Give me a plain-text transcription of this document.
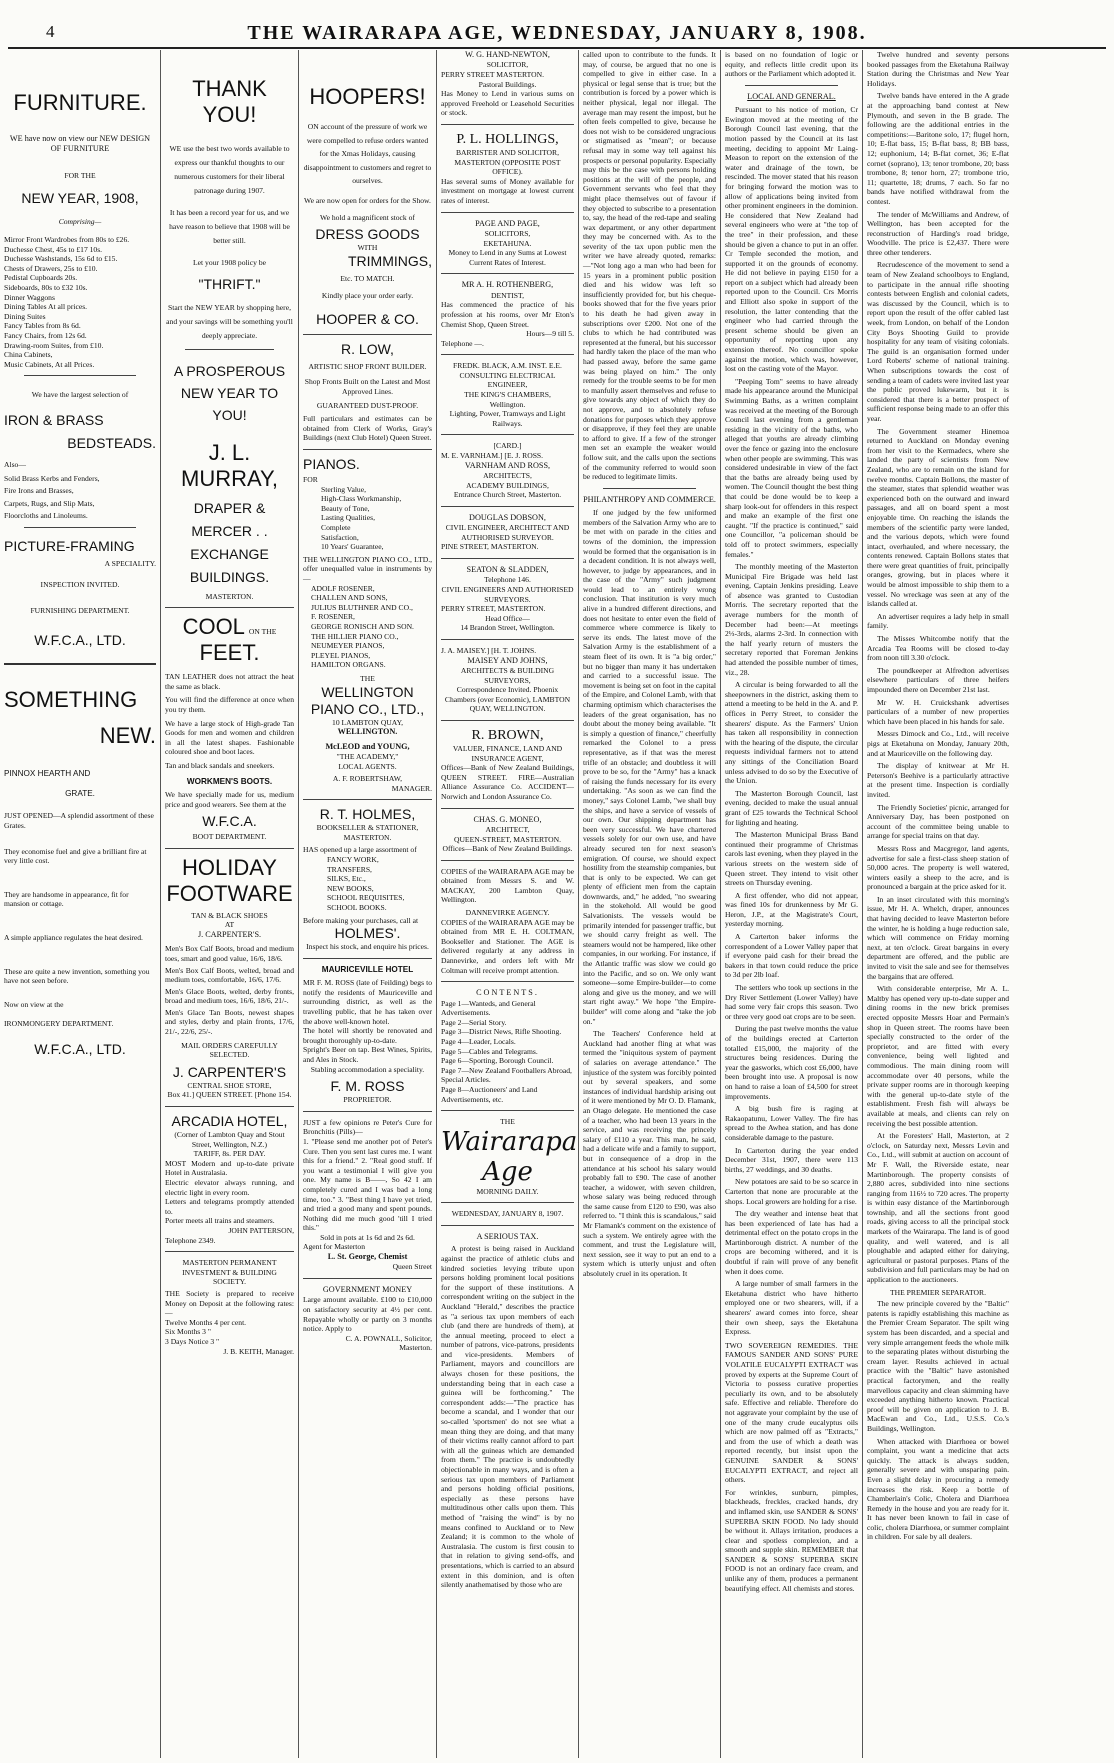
4	THE WAIRARAPA AGE, WEDNESDAY, JANUARY 8, 1908.
FURNITURE.
WE have now on view our NEW DESIGN OF FURNITURE
FOR THE
NEW YEAR, 1908,
Comprising—
Mirror Front Wardrobes from 80s to £26.
Duchesse Chest, 45s to £17 10s.
Duchesse Washstands, 15s 6d to £15.
Chests of Drawers, 25s to £10.
Pedistal Cupboards 20s.
Sideboards, 80s to £32 10s.
Dinner Waggons
Dining Tables At all prices.
Dining Suites
Fancy Tables from 8s 6d.
Fancy Chairs, from 12s 6d.
Drawing-room Suites, from £10.
China Cabinets,
Music Cabinets, At all Prices.
We have the largest selection of
IRON & BRASS
BEDSTEADS.
Also—
Solid Brass Kerbs and Fenders,
Fire Irons and Brasses,
Carpets, Rugs, and Slip Mats,
Floorcloths and Linoleums.
PICTURE-FRAMING
A SPECIALITY.
INSPECTION INVITED.
FURNISHING DEPARTMENT.
W.F.C.A., LTD.
SOMETHING
NEW.
PINNOX HEARTH AND
GRATE.
JUST OPENED—A splendid assortment of these Grates.
They economise fuel and give a brilliant fire at very little cost.
They are handsome in appearance, fit for mansion or cottage.
A simple appliance regulates the heat desired.
These are quite a new invention, something you have not seen before.
Now on view at the
IRONMONGERY DEPARTMENT.
W.F.C.A., LTD.
THANK YOU!
WE use the best two words available to express our thankful thoughts to our numerous customers for their liberal patronage during 1907.
It has been a record year for us, and we have reason to believe that 1908 will be better still.
Let your 1908 policy be
"THRIFT."
Start the NEW YEAR by shopping here, and your savings will be something you'll deeply appreciate.
A PROSPEROUS NEW YEAR TO YOU!
J. L. MURRAY,
DRAPER &
MERCER . .
EXCHANGE
BUILDINGS.
MASTERTON.
COOL ON THE FEET.
TAN LEATHER does not attract the heat the same as black.
You will find the difference at once when you try them.
We have a large stock of High-grade Tan Goods for men and women and children in all the latest shapes. Fashionable coloured shoe and boot laces.
Tan and black sandals and sneekers.
WORKMEN'S BOOTS.
We have specially made for us, medium price and good wearers. See them at the
W.F.C.A.
BOOT DEPARTMENT.
HOLIDAY
FOOTWARE
TAN & BLACK SHOES
AT
J. CARPENTER'S.
Men's Box Calf Boots, broad and medium toes, smart and good value, 16/6, 18/6.
Men's Box Calf Boots, welted, broad and medium toes, comfortable, 16/6, 17/6.
Men's Glace Boots, welted, derby fronts, broad and medium toes, 16/6, 18/6, 21/-.
Men's Glace Tan Boots, newest shapes and styles, derby and plain fronts, 17/6, 21/-, 22/6, 25/-.
MAIL ORDERS CAREFULLY SELECTED.
J. CARPENTER'S
CENTRAL SHOE STORE,
Box 41.] QUEEN STREET. [Phone 154.
ARCADIA HOTEL,
(Corner of Lambton Quay and Stout Street, Wellington, N.Z.)
TARIFF, 8s. PER DAY.
MOST Modern and up-to-date private Hotel in Australasia.
Electric elevator always running, and electric light in every room.
Letters and telegrams promptly attended to.
Porter meets all trains and steamers.
JOHN PATTERSON,
Telephone 2349.
MASTERTON PERMANENT INVESTMENT & BUILDING SOCIETY.
THE Society is prepared to receive Money on Deposit at the following rates:—
Twelve Months 4 per cent.
Six Months 3 "
3 Days Notice 3 "
J. B. KEITH, Manager.
HOOPERS!
ON account of the pressure of work we were compelled to refuse orders wanted for the Xmas Holidays, causing disappointment to customers and regret to ourselves.
We are now open for orders for the Show.
We hold a magnificent stock of
DRESS GOODS
WITH
TRIMMINGS,
Etc. TO MATCH.
Kindly place your order early.
HOOPER & CO.
R. LOW,
ARTISTIC SHOP FRONT BUILDER.
Shop Fronts Built on the Latest and Most Approved Lines.
GUARANTEED DUST-PROOF.
Full particulars and estimates can be obtained from Clerk of Works, Gray's Buildings (next Club Hotel) Queen Street.
PIANOS.
FOR
Sterling Value,
High-Class Workmanship,
Beauty of Tone,
Lasting Qualities,
Complete
Satisfaction,
10 Years' Guarantee,
THE WELLINGTON PIANO CO., LTD., offer unequalled value in instruments by—
ADOLF ROSENER,
CHALLEN AND SONS,
JULIUS BLUTHNER AND CO.,
F. ROSENER,
GEORGE RONISCH AND SON.
THE HILLIER PIANO CO.,
NEUMEYER PIANOS,
PLEYEL PIANOS,
HAMILTON ORGANS.
THE
WELLINGTON PIANO CO., LTD.,
10 LAMBTON QUAY,
WELLINGTON.
McLEOD and YOUNG,
"THE ACADEMY,"
LOCAL AGENTS.
A. F. ROBERTSHAW,
MANAGER.
R. T. HOLMES,
BOOKSELLER & STATIONER,
MASTERTON.
HAS opened up a large assortment of
FANCY WORK,
TRANSFERS,
SILKS, Etc.,
NEW BOOKS,
SCHOOL REQUISITES,
SCHOOL BOOKS.
Before making your purchases, call at
HOLMES'.
Inspect his stock, and enquire his prices.
MAURICEVILLE HOTEL
MR F. M. ROSS (late of Feilding) begs to notify the residents of Mauriceville and surrounding district, as well as the travelling public, that he has taken over the above well-known hotel.
The hotel will shortly be renovated and brought thoroughly up-to-date.
Spright's Beer on tap. Best Wines, Spirits, and Ales in Stock.
Stabling accommodation a speciality.
F. M. ROSS
PROPRIETOR.
JUST a few opinions re Peter's Cure for Bronchitis (Pills)—
1. "Please send me another pot of Peter's Cure. Then you sent last cures me. I want this for a friend." 2. "Real good stuff. If you want a testimonial I will give you one. My name is B——, So 42 I am completely cured and I was bad a long time, too." 3. "Best thing I have yet tried, and tried a good many and spent pounds. Nothing did me much good 'till I tried this."
Sold in pots at 1s 6d and 2s 6d.
Agent for Masterton
L. St. George, Chemist
Queen Street
GOVERNMENT MONEY
Large amount available. £100 to £10,000 on satisfactory security at 4½ per cent. Repayable wholly or partly on 3 months notice. Apply to
C. A. POWNALL, Solicitor,
Masterton.
W. G. HAND-NEWTON,
SOLICITOR,
PERRY STREET MASTERTON.
Pastoral Buildings.
Has Money to Lend in various sums on approved Freehold or Leasehold Securities or stock.
P. L. HOLLINGS,
BARRISTER AND SOLICITOR,
MASTERTON (OPPOSITE POST OFFICE).
Has several sums of Money available for investment on mortgage at lowest current rates of interest.
PAGE AND PAGE,
SOLICITORS,
EKETAHUNA.
Money to Lend in any Sums at Lowest Current Rates of Interest.
MR A. H. ROTHENBERG,
DENTIST,
Has commenced the practice of his profession at his rooms, over Mr Eton's Chemist Shop, Queen Street.
Hours—9 till 5.
Telephone —.
FREDK. BLACK, A.M. INST. E.E.
CONSULTING ELECTRICAL ENGINEER,
THE KING'S CHAMBERS,
Wellington.
Lighting, Power, Tramways and Light Railways.
[CARD.]
M. E. VARNHAM.] [E. J. ROSS.
VARNHAM AND ROSS,
ARCHITECTS,
ACADEMY BUILDINGS,
Entrance Church Street, Masterton.
DOUGLAS DOBSON,
CIVIL ENGINEER, ARCHITECT AND AUTHORISED SURVEYOR.
PINE STREET, MASTERTON.
SEATON & SLADDEN,
Telephone 146.
CIVIL ENGINEERS AND AUTHORISED SURVEYORS.
PERRY STREET, MASTERTON.
Head Office—
14 Brandon Street, Wellington.
J. A. MAISEY.] [H. T. JOHNS.
MAISEY AND JOHNS,
ARCHITECTS & BUILDING SURVEYORS,
Correspondence Invited. Phoenix Chambers (over Economic), LAMBTON QUAY, WELLINGTON.
R. BROWN,
VALUER, FINANCE, LAND AND INSURANCE AGENT,
Offices—Bank of New Zealand Buildings, QUEEN STREET. FIRE—Australian Alliance Assurance Co. ACCIDENT—Norwich and London Assurance Co.
CHAS. G. MONEO,
ARCHITECT,
QUEEN-STREET, MASTERTON.
Offices—Bank of New Zealand Buildings.
COPIES of the WAIRARAPA AGE may be obtained from Messrs S. and W. MACKAY, 200 Lambton Quay, Wellington.
DANNEVIRKE AGENCY.
COPIES of the WAIRARAPA AGE may be obtained from MR E. H. COLTMAN, Bookseller and Stationer. The AGE is delivered regularly at any address in Dannevirke, and orders left with Mr Coltman will receive prompt attention.
CONTENTS.
Page 1—Wanteds, and General Advertisements.
Page 2—Serial Story.
Page 3—District News, Rifle Shooting.
Page 4—Leader, Locals.
Page 5—Cables and Telegrams.
Page 6—Sporting, Borough Council.
Page 7—New Zealand Footballers Abroad, Special Articles.
Page 8—Auctioneers' and Land Advertisements, etc.
THE
Wairarapa Age
MORNING DAILY.
WEDNESDAY, JANUARY 8, 1907.
A SERIOUS TAX.
A protest is being raised in Auckland against the practice of athletic clubs and kindred societies levying tribute upon persons holding prominent local positions for the support of these institutions. A correspondent writing on the subject in the Auckland "Herald," describes the practice as "a serious tax upon members of each club (and there are hundreds of them), at the annual meeting, proceed to elect a number of patrons, vice-patrons, presidents and vice-presidents. Members of Parliament, mayors and councillors are always chosen for these positions, the understanding being that in each case a guinea will be forthcoming." The correspondent adds:—"The practice has become a scandal, and I wonder that our so-called 'sportsmen' do not see what a mean thing they are doing, and that many of their victims really cannot afford to part with all the guineas which are demanded from them." The practice is undoubtedly objectionable in many ways, and is often a serious tax upon members of Parliament and persons holding official positions, especially as these persons have multitudinous other calls upon them. This method of "raising the wind" is by no means confined to Auckland or to New Zealand; it is common to the whole of Australasia. The custom is first cousin to that in relation to giving send-offs, and presentations, which is carried to an absurd extent in this dominion, and is often silently anathematised by those who are
called upon to contribute to the funds. It may, of course, be argued that no one is compelled to give in either case. In a physical or legal sense that is true; but the contribution is forced by a power which is neither physical, legal nor illegal. The average man may resent the impost, but he often feels compelled to give, because he does not wish to be considered ungracious or stigmatised as "mean"; or because refusal may in some way tell against his prospects or personal popularity. Especially may this be the case with persons holding positions at the will of the people, and Government servants who feel that they might place themselves out of favour if they objected to subscribe to a presentation to, say, the head of the red-tape and sealing wax department, or any other department they may be concerned with. As to the severity of the tax upon public men the writer we have already quoted, remarks:—"Not long ago a man who had been for 15 years in a prominent public position died and his widow was left so insufficiently provided for, but his cheque-books showed that for the five years prior to his death he had given away in subscriptions over £200. Not one of the clubs to which he had contributed was represented at the funeral, but his successor had hardly taken the place of the man who had passed away, before the same game was being played on him." The only remedy for the trouble seems to be for men to manfully assert themselves and refuse to give towards any object of which they do not approve, and to absolutely refuse donations for purposes which they approve or disapprove, if they feel they are unable to afford to give. If a few of the stronger men set an example the weaker would follow suit, and the calls upon the sections of the community referred to would soon be reduced to legitimate limits.
PHILANTHROPY AND COMMERCE.
If one judged by the few uniformed members of the Salvation Army who are to be met with on parade in the cities and towns of the dominion, the impression would be formed that the organisation is in a decadent condition. It is not always well, however, to judge by appearances, and in the case of the "Army" such judgment would lead to an entirely wrong conclusion. That institution is very much alive in a hundred different directions, and does not hesitate to enter even the field of commerce where commerce is likely to serve its ends. The latest move of the Salvation Army is the establishment of a steam fleet of its own. It is "a big order," but no bigger than many it has undertaken and carried to a successful issue. The movement is being set on foot in the capital of the Empire, and Colonel Lamb, with that charming optimism which characterises the leaders of the great organisation, has no doubt about the money being available. "It is simply a question of finance," cheerfully remarked the Colonel to a press representative, as if that was the merest trifle of an obstacle; and doubtless it will prove to be so, for the "Army" has a knack of raising the funds necessary for its every undertaking. "As soon as we can find the money," says Colonel Lamb, "we shall buy the ships, and have a service of vessels of our own. Our shipping department has been very successful. We have chartered vessels solely for our own use, and have already secured ten for next season's emigration. Of course, we should expect hostility from the steamship companies, but that is only to be expected. We can get plenty of efficient men from the captain downwards, and," he added, "no swearing in the stokehold. All would be good Salvationists. The vessels would be primarily intended for passenger traffic, but we should carry freight as well. The steamers would not be hampered, like other companies, in our working. For instance, if the Atlantic traffic was slow we could go into the Pacific, and so on. We only want someone—some Empire-builder—to come along and give us the money, and we will start right away." We hope "the Empire-builder" will come along and "take the job on."
The Teachers' Conference held at Auckland had another fling at what was termed the "iniquitous system of payment of salaries on average attendance." The injustice of the system was forcibly pointed out by several speakers, and some instances of individual hardship arising out of it were mentioned by Mr O. D. Flamank, an Otago delegate. He mentioned the case of a teacher, who had been 13 years in the service, and was receiving the princely salary of £110 a year. This man, he said, had a delicate wife and a family to support, but in consequence of a drop in the attendance at his school his salary would probably fall to £90. The case of another teacher, a widower, with seven children, whose salary was being reduced through the same cause from £120 to £90, was also referred to. "I think this is scandalous," said Mr Flamank's comment on the existence of such a system. We entirely agree with the comment, and trust the Legislature will, next session, see it way to put an end to a system which is utterly unjust and often absolutely cruel in its operation. It
is based on no foundation of logic or equity, and reflects little credit upon its authors or the Parliament which adopted it.
LOCAL AND GENERAL.
Pursuant to his notice of motion, Cr Ewington moved at the meeting of the Borough Council last evening, that the motion passed by the Council at its last meeting, deciding to appoint Mr Laing-Meason to report on the extension of the water and drainage of the town, be rescinded. The mover stated that his reason for bringing forward the motion was to allow of applications being invited from other prominent engineers in the dominion. He considered that New Zealand had several engineers who were at "the top of the tree" in their profession, and these should be given a chance to put in an offer. Cr Temple seconded the motion, and supported it on the grounds of economy. He did not believe in paying £150 for a report on a subject which had already been reported upon to the Council. Crs Morris and Elliott also spoke in support of the resolution, the latter contending that the engineer who had carried through the present scheme should be given an opportunity of reporting upon any extension thereof. No councillor spoke against the motion, which was, however, lost on the casting vote of the Mayor.
"Peeping Tom" seems to have already made his appearance around the Municipal Swimming Baths, as a written complaint was received at the meeting of the Borough Council last evening from a gentleman residing in the vicinity of the baths, who alleged that youths are already climbing over the fence or gazing into the enclosure when other people are swimming. This was considered undesirable in view of the fact that the baths are already being used by women. The Council thought the best thing that could be done would be to keep a sharp look-out for offenders in this respect and make an example of the first one caught. "If the practice is continued," said one Councillor, "a policeman should be told off to protect swimmers, especially females."
The monthly meeting of the Masterton Municipal Fire Brigade was held last evening, Captain Jenkins presiding. Leave of absence was granted to Custodian Morris. The secretary reported that the average numbers for the month of December had been:—At meetings 2⅓-3rds, alarms 2-3rd. In connection with the half yearly return of musters the secretary reported that Foreman Jenkins had attended the possible number of times, viz., 28.
A circular is being forwarded to all the sheepowners in the district, asking them to attend a meeting to be held in the A. and P. offices in Perry Street, to consider the shearers' dispute. As the Farmers' Union has taken all responsibility in connection with the hearing of the dispute, the circular requests individual farmers not to attend any sittings of the Conciliation Board unless advised to do so by the Executive of the Union.
The Masterton Borough Council, last evening, decided to make the usual annual grant of £25 towards the Technical School for lighting and heating.
The Masterton Municipal Brass Band continued their programme of Christmas carols last evening, when they played in the various streets on the western side of Queen street. They intend to visit other streets on Thursday evening.
A first offender, who did not appear, was fined 10s for drunkenness by Mr G. Heron, J.P., at the Magistrate's Court, yesterday morning.
A Carterton baker informs the correspondent of a Lower Valley paper that if everyone paid cash for their bread the bakers in that town could reduce the price to 3d per 2lb loaf.
The settlers who took up sections in the Dry River Settlement (Lower Valley) have had some very fair crops this season. Two or three very good oat crops are to be seen.
During the past twelve months the value of the buildings erected at Carterton totalled £15,000, the majority of the structures being residences. During the year the gasworks, which cost £6,000, have been brought into use. A proposal is now on hand to raise a loan of £4,500 for street improvements.
A big bush fire is raging at Rakaopatunu, Lower Valley. The fire has spread to the Awhea station, and has done considerable damage to the pasture.
In Carterton during the year ended December 31st, 1907, there were 113 births, 27 weddings, and 30 deaths.
New potatoes are said to be so scarce in Carterton that none are procurable at the shops. Local growers are holding for a rise.
The dry weather and intense heat that has been experienced of late has had a detrimental effect on the potato crops in the Martinborough district. A number of the crops are becoming withered, and it is doubtful if rain will prove of any benefit when it does come.
A large number of small farmers in the Eketahuna district who have hitherto employed one or two shearers, will, if a shearers' award comes into force, shear their own sheep, says the Eketahuna Express.
TWO SOVEREIGN REMEDIES. THE FAMOUS SANDER AND SONS' PURE VOLATILE EUCALYPTI EXTRACT was proved by experts at the Supreme Court of Victoria to possess curative properties peculiarly its own, and to be absolutely safe. Effective and reliable. Therefore do not aggravate your complaint by the use of one of the many crude eucalyptus oils which are now palmed off as "Extracts," and from the use of which a death was reported recently, but insist upon the GENUINE SANDER & SONS' EUCALYPTI EXTRACT, and reject all others.
For wrinkles, sunburn, pimples, blackheads, freckles, cracked hands, dry and inflamed skin, use SANDER & SONS' SUPERBA SKIN FOOD. No lady should be without it. Allays irritation, produces a clear and spotless complexion, and a smooth and supple skin. REMEMBER that SANDER & SONS' SUPERBA SKIN FOOD is not an ordinary face cream, and unlike any of them, produces a permanent beautifying effect. All chemists and stores.
Twelve hundred and seventy persons booked passages from the Eketahuna Railway Station during the Christmas and New Year Holidays.
Twelve bands have entered in the A grade at the approaching band contest at New Plymouth, and seven in the B grade. The following are the additional entries in the competitions:—Baritone solo, 17; flugel horn, 10; E-flat bass, 15; B-flat bass, 8; BB bass, 12; euphonium, 14; B-flat cornet, 36; E-flat cornet (soprano), 13; tenor trombone, 20; bass trombone, 8; tenor horn, 27; trombone trio, 11; quartette, 18; drums, 7 each. So far no bands have notified withdrawal from the contest.
The tender of McWilliams and Andrew, of Wellington, has been accepted for the reconstruction of Harding's road bridge, Woodville. The price is £2,437. There were three other tenderers.
Recrudescence of the movement to send a team of New Zealand schoolboys to England, to participate in the annual rifle shooting contests between English and colonial cadets, was discussed by the Council, which is to report upon the result of the offer cabled last week, from London, on behalf of the London City Boys Shooting Guild to provide hospitality for any team of visiting colonials. The guild is an organisation formed under Lord Roberts' scheme of national training. When subscriptions towards the cost of sending a team of cadets were invited last year the public proved lukewarm, but it is considered that there is a better prospect of sufficient response being made to an offer this year.
The Government steamer Hinemoa returned to Auckland on Monday evening from her visit to the Kermadecs, where she landed the party of scientists from New Zealand, who are to remain on the island for twelve months. Captain Bollons, the master of the steamer, states that splendid weather was experienced both on the outward and inward passages, and all on board spent a most enjoyable time. On reaching the islands the members of the scientific party were landed, and the various depots, which were found intact, overhauled, and where necessary, the contents renewed. Captain Bollons states that there were great quantities of fruit, principally oranges, growing, but in places where it would be almost impossible to ship them to a vessel. No wreckage was seen at any of the islands called at.
An advertiser requires a lady help in small family.
The Misses Whitcombe notify that the Arcadia Tea Rooms will be closed to-day from noon till 3.30 o'clock.
The poundkeeper at Alfredton advertises elsewhere particulars of three heifers impounded there on December 21st last.
Mr W. H. Cruickshank advertises particulars of a number of new properties which have been placed in his hands for sale.
Messrs Dimock and Co., Ltd., will receive pigs at Eketahuna on Monday, January 20th, and at Mauriceville on the following day.
The display of knitwear at Mr H. Peterson's Beehive is a particularly attractive at the present time. Inspection is cordially invited.
The Friendly Societies' picnic, arranged for Anniversary Day, has been postponed on account of the committee being unable to arrange for special trains on that day.
Messrs Ross and Macgregor, land agents, advertise for sale a first-class sheep station of 50,000 acres. The property is well watered, winters easily a sheep to the acre, and is pronounced a bargain at the price asked for it.
In an inset circulated with this morning's issue, Mr H. A. Whelch, draper, announces that having decided to leave Masterton before the winter, he is holding a huge reduction sale, which will commence on Friday morning next, at ten o'clock. Great bargains in every department are offered, and the public are invited to visit the sale and see for themselves the bargains that are offered.
With considerable enterprise, Mr A. L. Maltby has opened very up-to-date supper and dining rooms in the new brick premises erected opposite Messrs Hoar and Permain's shop in Queen street. The rooms have been specially constructed to the order of the proprietor, and are fitted with every convenience, being well lighted and commodious. The main dining room will accommodate over 40 persons, while the private supper rooms are in thorough keeping with the general up-to-date style of the establishment. Fresh fish will always be available at meals, and clients can rely on receiving the best possible attention.
At the Foresters' Hall, Masterton, at 2 o'clock, on Saturday next, Messrs Levin and Co., Ltd., will submit at auction on account of Mr F. Wall, the Riverside estate, near Martinborough. The property consists of 2,880 acres, subdivided into nine sections ranging from 116½ to 720 acres. The property is within easy distance of the Martinborough township, and all the sections front good roads, giving access to all the principal stock markets of the Wairarapa. The land is of good quality, and well watered, and is all ploughable and adapted either for dairying, agricultural or pastoral purposes. Plans of the subdivision and full particulars may be had on application to the auctioneers.
THE PREMIER SEPARATOR.
The new principle covered by the "Baltic" patents is rapidly establishing this machine as the Premier Cream Separator. The spilt wing system has been discarded, and a special and very simple arrangement feeds the whole milk to the separating plates without disturbing the cream layer. Results achieved in actual practice with the "Baltic" have astonished practical factorymen, and the really marvellous capacity and clean skimming have exceeded anything hitherto known. Practical proof will be given on application to J. B. MacEwan and Co., Ltd., U.S.S. Co.'s Buildings, Wellington.
When attacked with Diarrhoea or bowel complaint, you want a medicine that acts quickly. The attack is always sudden, generally severe and with unsparing pain. Even a slight delay in procuring a remedy increases the risk. Keep a bottle of Chamberlain's Colic, Cholera and Diarrhoea Remedy in the house and you are ready for it. It has never been known to fail in case of colic, cholera Diarrhoea, or summer complaint in children. For sale by all dealers.
